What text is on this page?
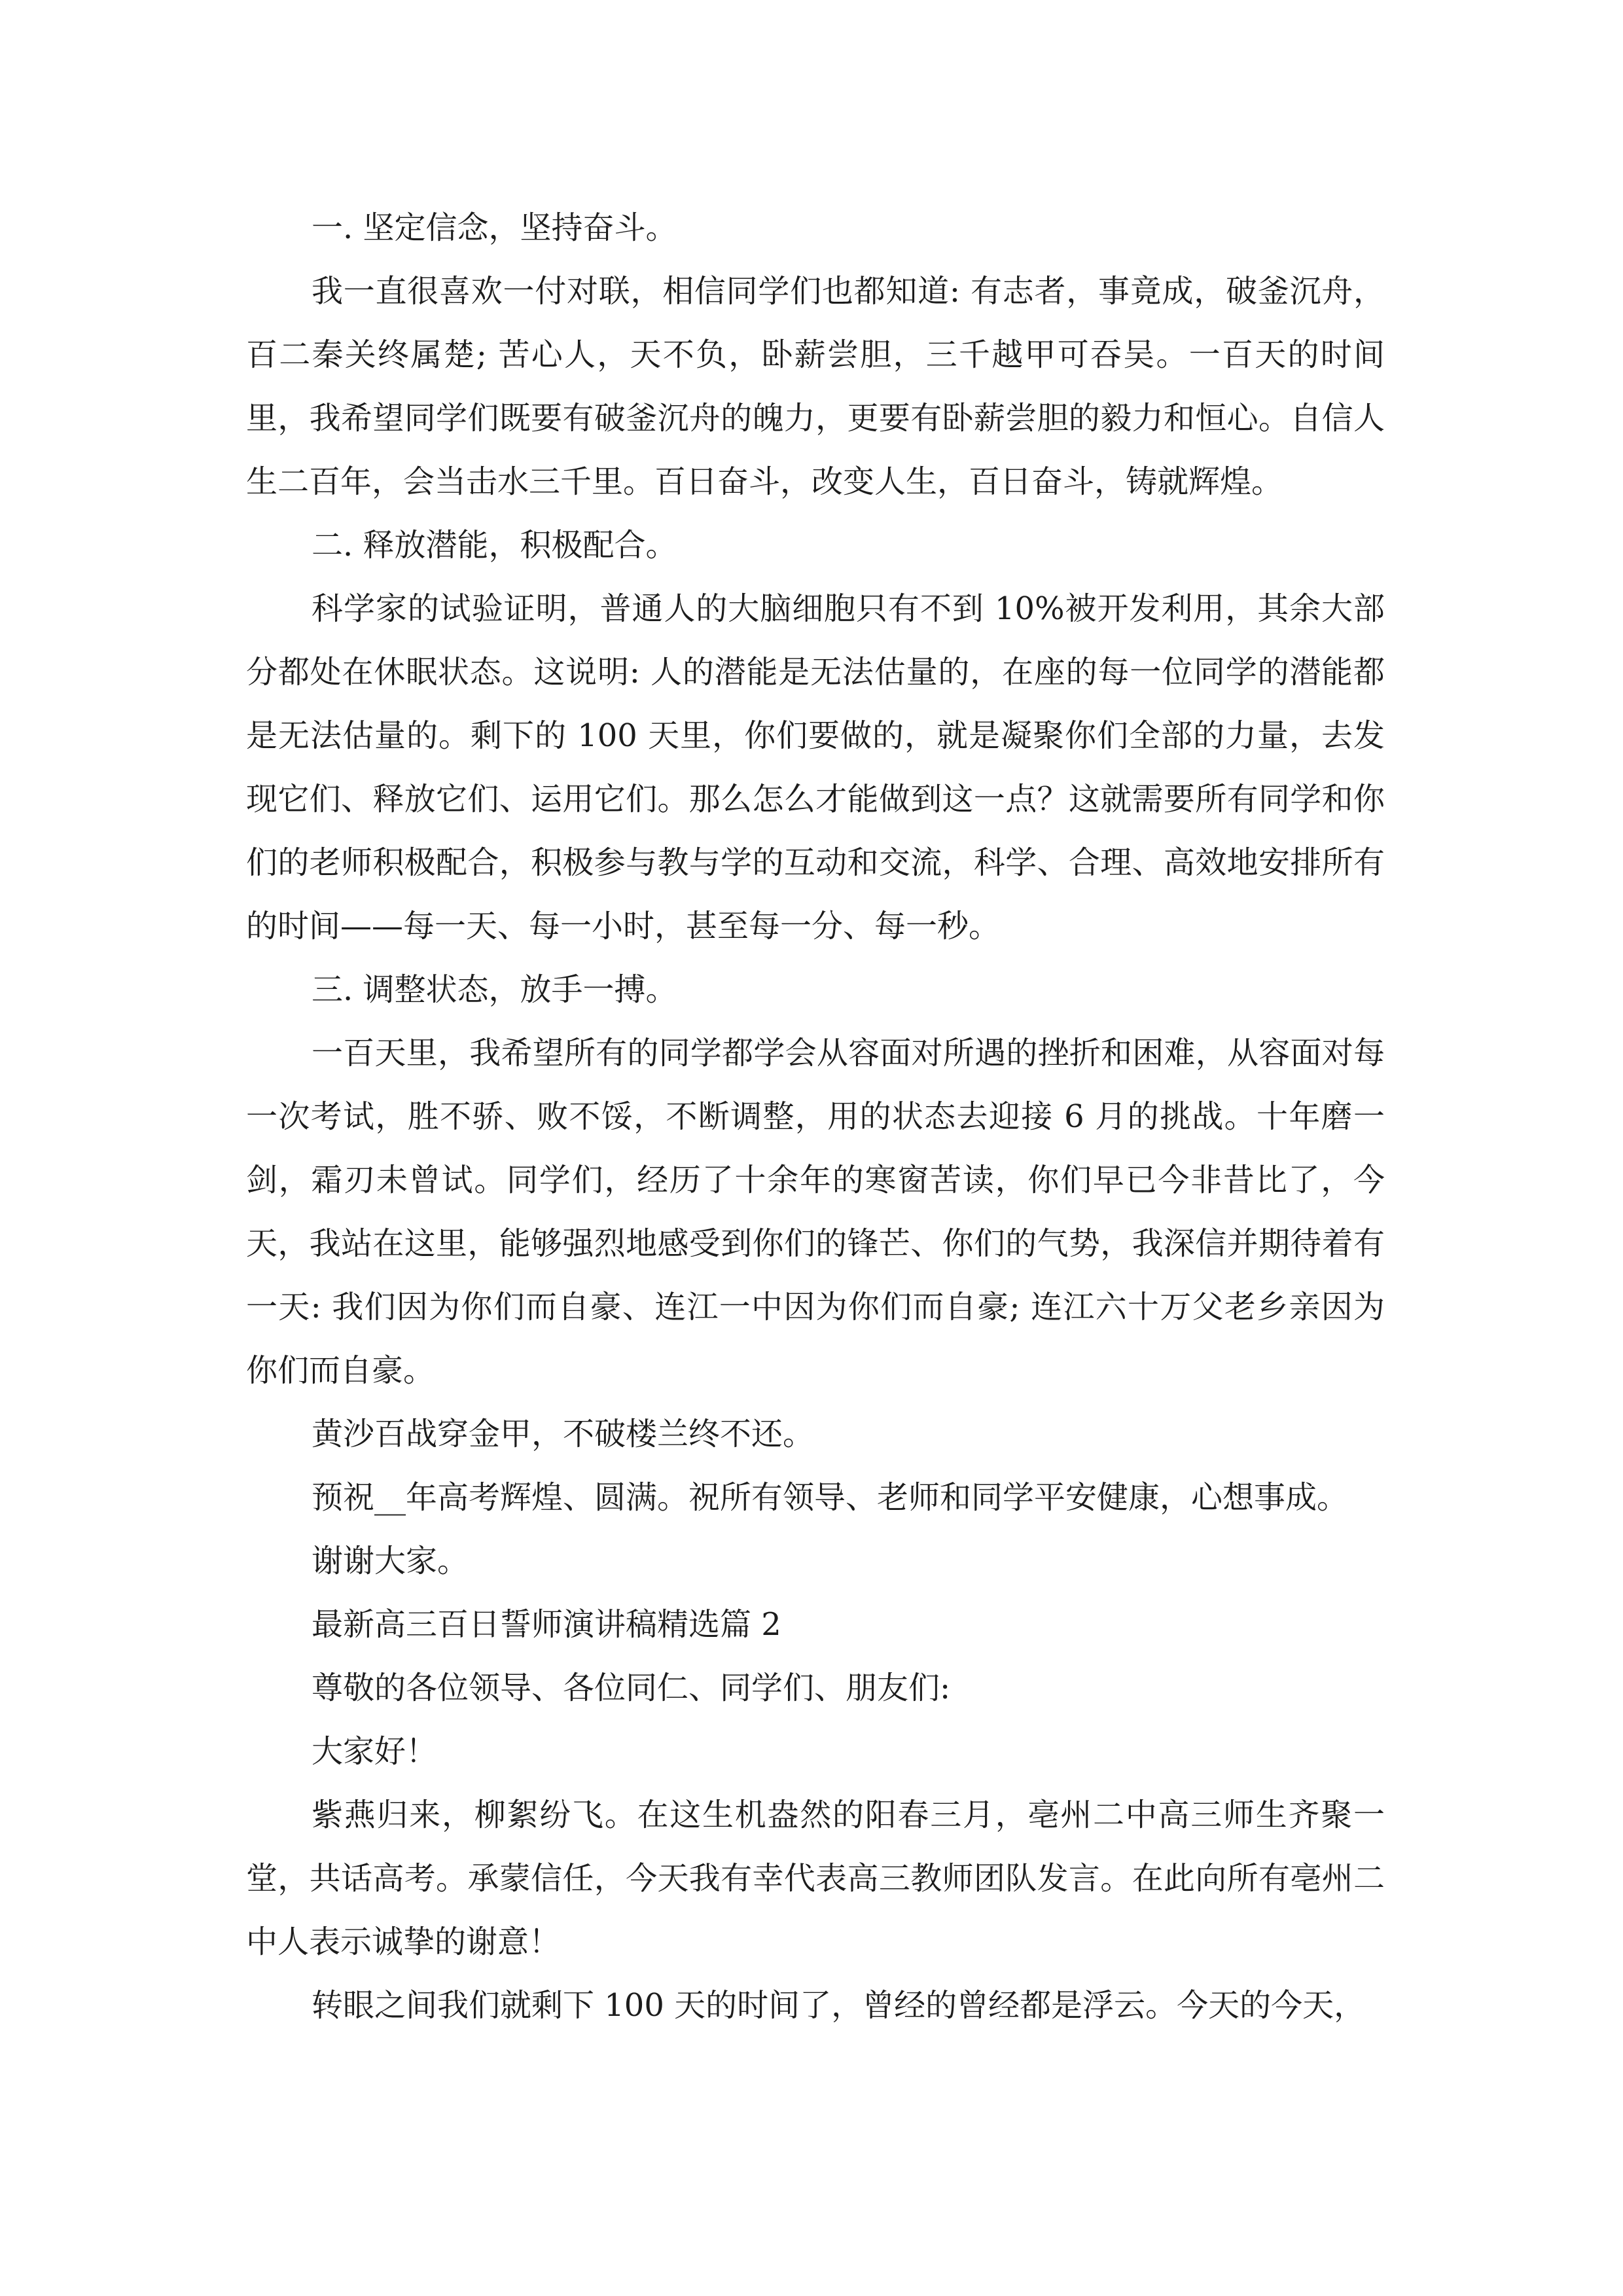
一. 坚定信念，坚持奋斗。

我一直很喜欢一付对联，相信同学们也都知道: 有志者，事竟成，破釜沉舟，百二秦关终属楚; 苦心人，天不负，卧薪尝胆，三千越甲可吞吴。一百天的时间里，我希望同学们既要有破釜沉舟的魄力，更要有卧薪尝胆的毅力和恒心。自信人生二百年，会当击水三千里。百日奋斗，改变人生，百日奋斗，铸就辉煌。

二. 释放潜能，积极配合。

科学家的试验证明，普通人的大脑细胞只有不到 10%被开发利用，其余大部分都处在休眠状态。这说明: 人的潜能是无法估量的，在座的每一位同学的潜能都是无法估量的。剩下的 100 天里，你们要做的，就是凝聚你们全部的力量，去发现它们、释放它们、运用它们。那么怎么才能做到这一点？这就需要所有同学和你们的老师积极配合，积极参与教与学的互动和交流，科学、合理、高效地安排所有的时间——每一天、每一小时，甚至每一分、每一秒。

三. 调整状态，放手一搏。

一百天里，我希望所有的同学都学会从容面对所遇的挫折和困难，从容面对每一次考试，胜不骄、败不馁，不断调整，用的状态去迎接 6 月的挑战。十年磨一剑，霜刃未曾试。同学们，经历了十余年的寒窗苦读，你们早已今非昔比了，今天，我站在这里，能够强烈地感受到你们的锋芒、你们的气势，我深信并期待着有一天: 我们因为你们而自豪、连江一中因为你们而自豪; 连江六十万父老乡亲因为你们而自豪。

黄沙百战穿金甲，不破楼兰终不还。

预祝__年高考辉煌、圆满。祝所有领导、老师和同学平安健康，心想事成。

谢谢大家。

最新高三百日誓师演讲稿精选篇 2

尊敬的各位领导、各位同仁、同学们、朋友们:

大家好！

紫燕归来，柳絮纷飞。在这生机盎然的阳春三月，亳州二中高三师生齐聚一堂，共话高考。承蒙信任，今天我有幸代表高三教师团队发言。在此向所有亳州二中人表示诚挚的谢意！

转眼之间我们就剩下 100 天的时间了，曾经的曾经都是浮云。今天的今天，
